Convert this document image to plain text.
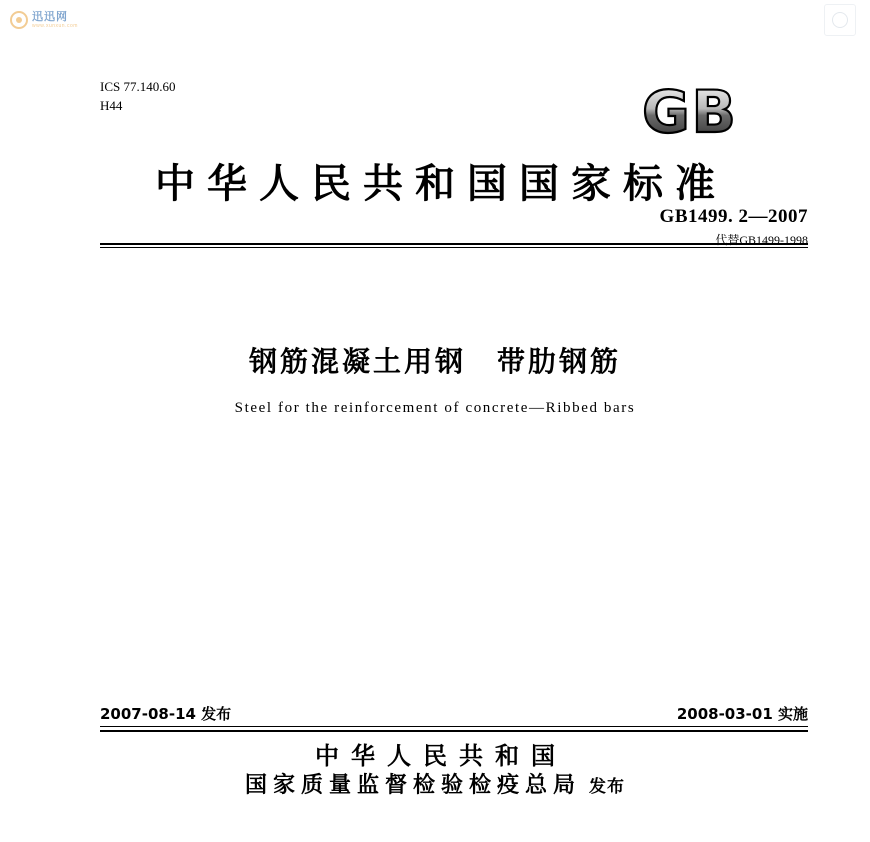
迅迅网
www.xunxun.com
ICS 77.140.60
H44	GB
中华人民共和国国家标准
GB1499. 2—2007
代替GB1499-1998
钢筋混凝土用钢　带肋钢筋
Steel for the reinforcement of concrete—Ribbed bars
2007-08-14 发布	2008-03-01 实施
中华人民共和国
国家质量监督检验检疫总局 发布
